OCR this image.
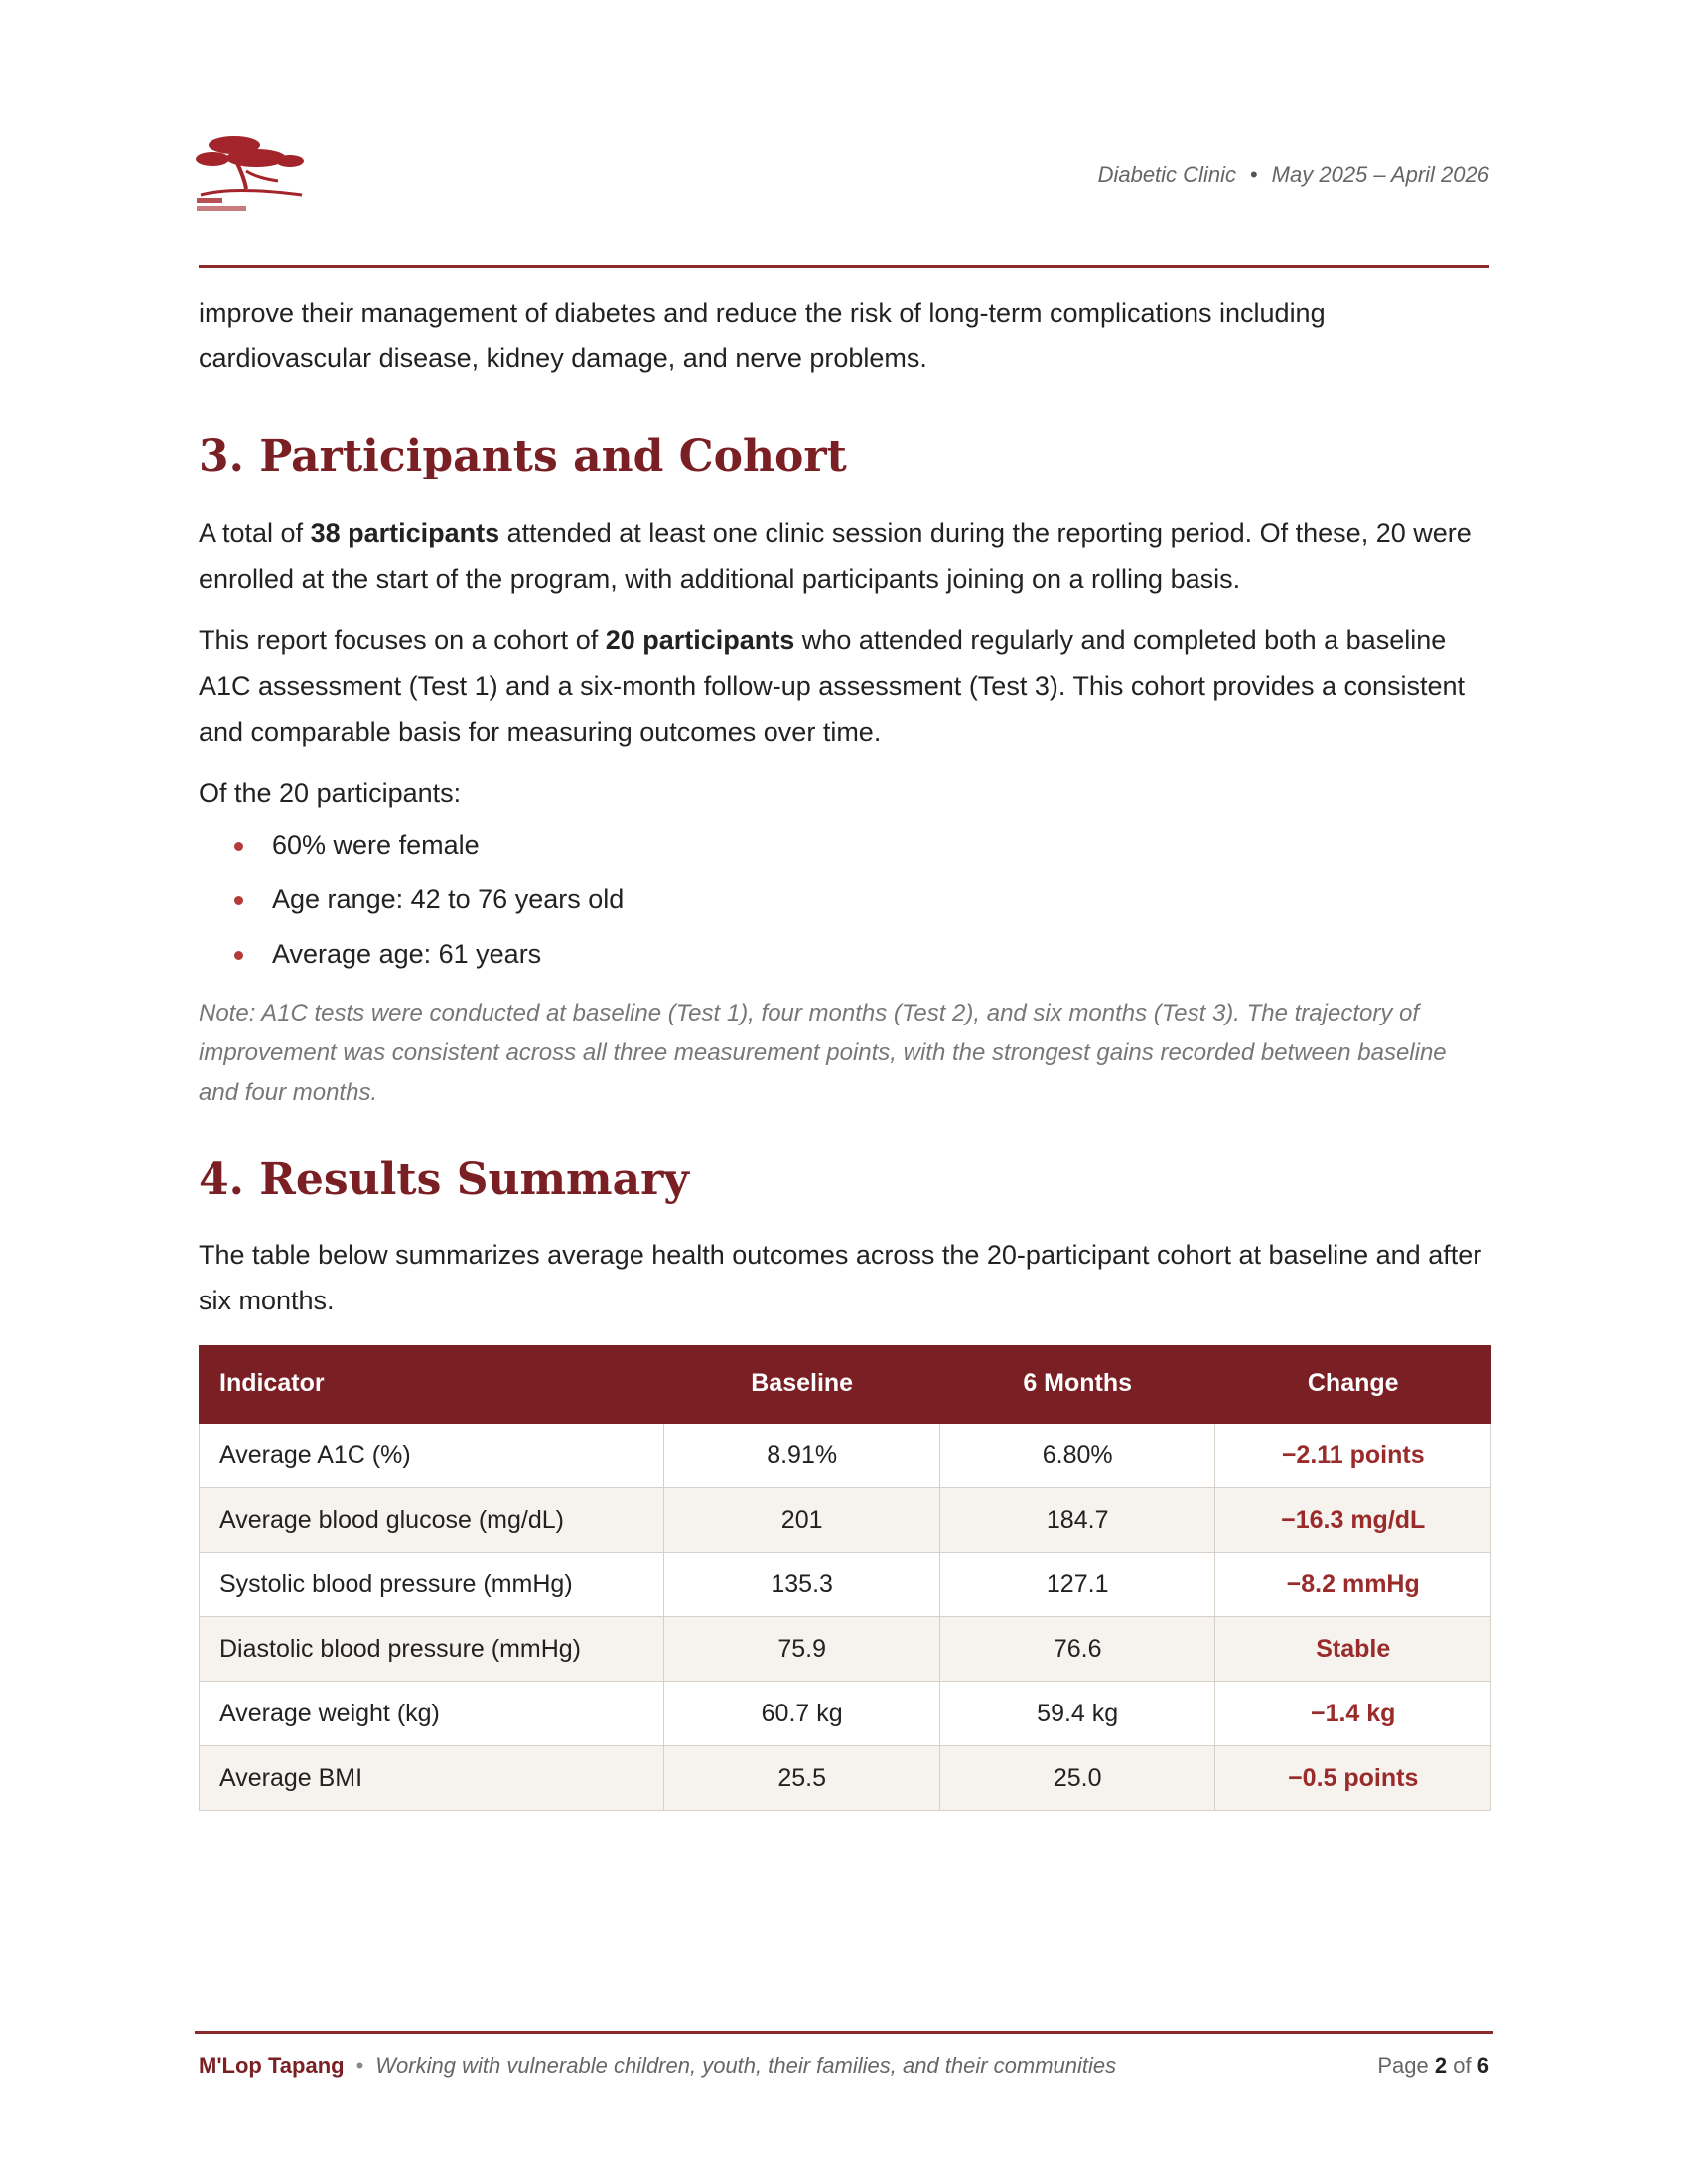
Diabetic Clinic • May 2025 – April 2026

improve their management of diabetes and reduce the risk of long-term complications including cardiovascular disease, kidney damage, and nerve problems.

3. Participants and Cohort

A total of 38 participants attended at least one clinic session during the reporting period. Of these, 20 were enrolled at the start of the program, with additional participants joining on a rolling basis.

This report focuses on a cohort of 20 participants who attended regularly and completed both a baseline A1C assessment (Test 1) and a six-month follow-up assessment (Test 3). This cohort provides a consistent and comparable basis for measuring outcomes over time.

Of the 20 participants:

60% were female
Age range: 42 to 76 years old
Average age: 61 years

Note: A1C tests were conducted at baseline (Test 1), four months (Test 2), and six months (Test 3). The trajectory of improvement was consistent across all three measurement points, with the strongest gains recorded between baseline and four months.

4. Results Summary

The table below summarizes average health outcomes across the 20-participant cohort at baseline and after six months.

Indicator	Baseline	6 Months	Change
Average A1C (%)	8.91%	6.80%	−2.11 points
Average blood glucose (mg/dL)	201	184.7	−16.3 mg/dL
Systolic blood pressure (mmHg)	135.3	127.1	−8.2 mmHg
Diastolic blood pressure (mmHg)	75.9	76.6	Stable
Average weight (kg)	60.7 kg	59.4 kg	−1.4 kg
Average BMI	25.5	25.0	−0.5 points
M'Lop Tapang • Working with vulnerable children, youth, their families, and their communities	Page 2 of 6
